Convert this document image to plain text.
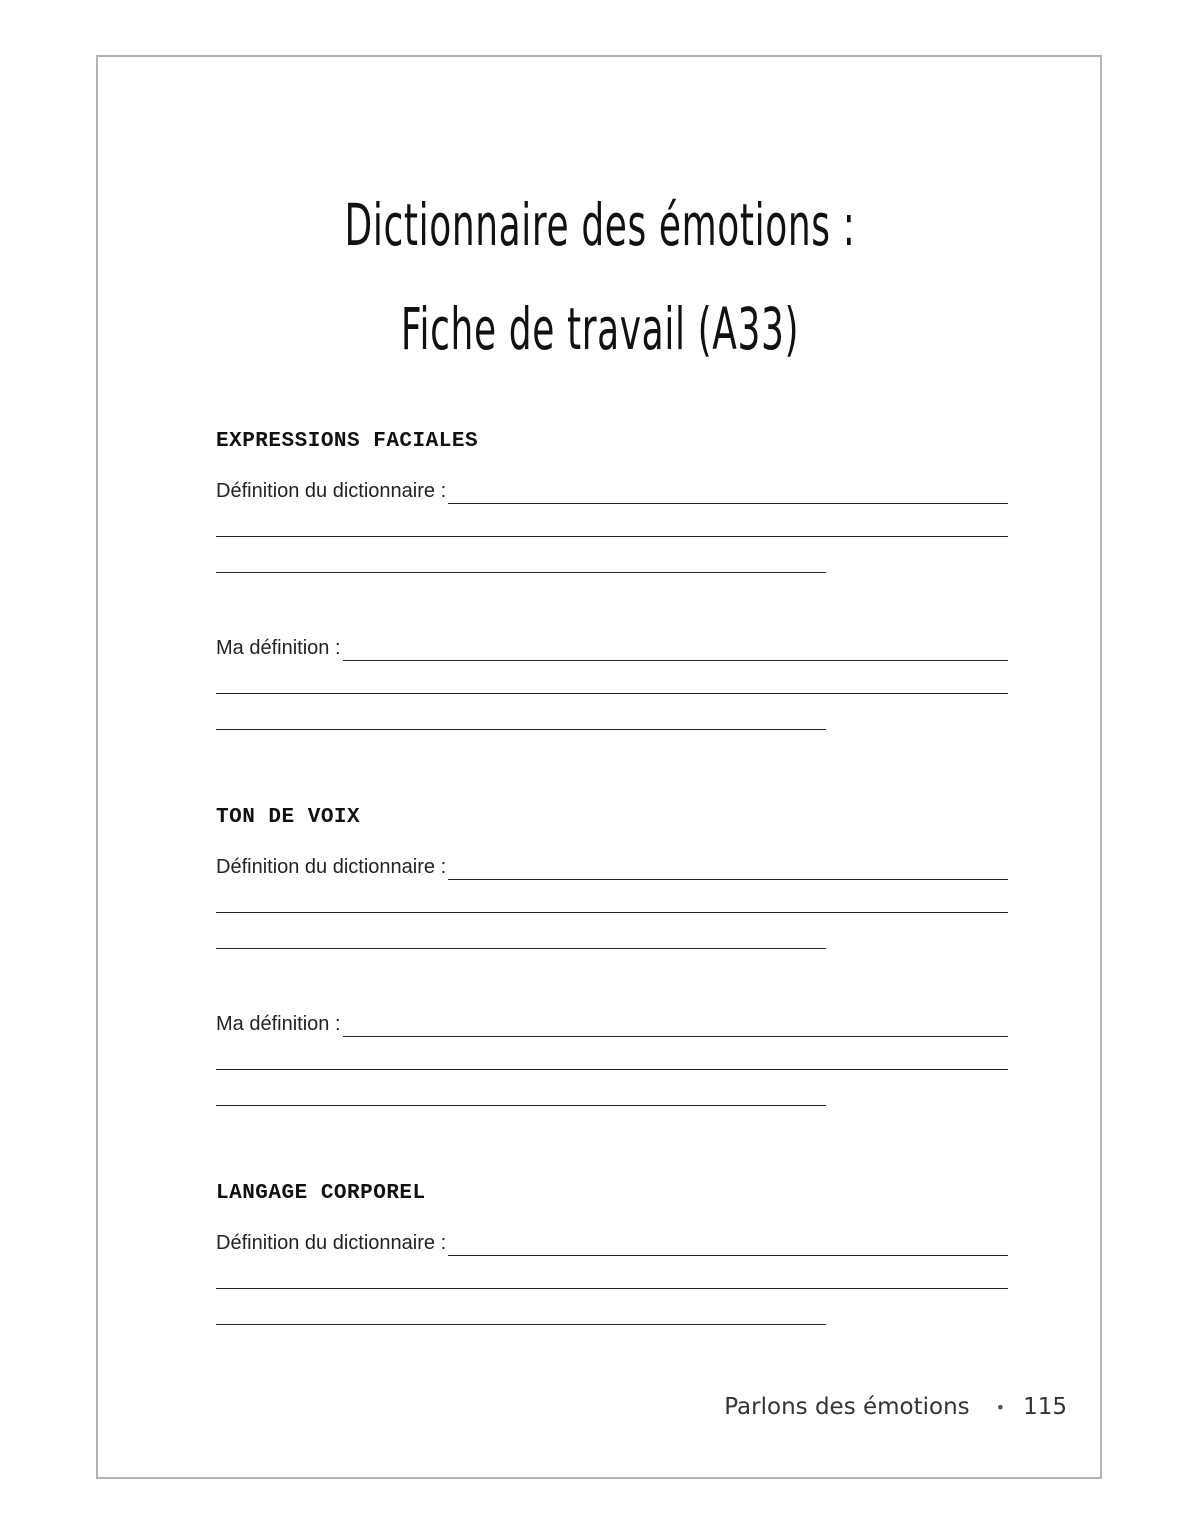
Dictionnaire des émotions :
Fiche de travail (A33)
EXPRESSIONS FACIALES
Définition du dictionnaire :
Ma définition :
TON DE VOIX
Définition du dictionnaire :
Ma définition :
LANGAGE CORPOREL
Définition du dictionnaire :
Parlons des émotions • 115
